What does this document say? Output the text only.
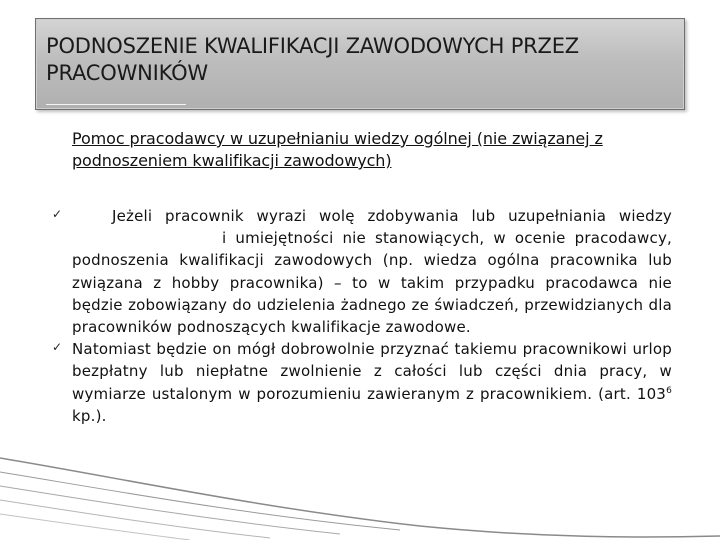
PODNOSZENIE KWALIFIKACJI ZAWODOWYCH PRZEZ PRACOWNIKÓW
Pomoc pracodawcy w uzupełnianiu wiedzy ogólnej (nie związanej z podnoszeniem kwalifikacji zawodowych)
✓	Jeżeli pracownik wyrazi wolę zdobywania lub uzupełniania wiedzyi umiejętności nie stanowiących, w ocenie pracodawcy, podnoszenia kwalifikacji zawodowych (np. wiedza ogólna pracownika lub związana z hobby pracownika) – to w takim przypadku pracodawca nie będzie zobowiązany do udzielenia żadnego ze świadczeń, przewidzianych dla pracowników podnoszących kwalifikacje zawodowe.
✓ Natomiast będzie on mógł dobrowolnie przyznać takiemu pracownikowi urlop bezpłatny lub niepłatne zwolnienie z całości lub części dnia pracy, w wymiarze ustalonym w porozumieniu zawieranym z pracownikiem. (art. $103^6$ kp.).
